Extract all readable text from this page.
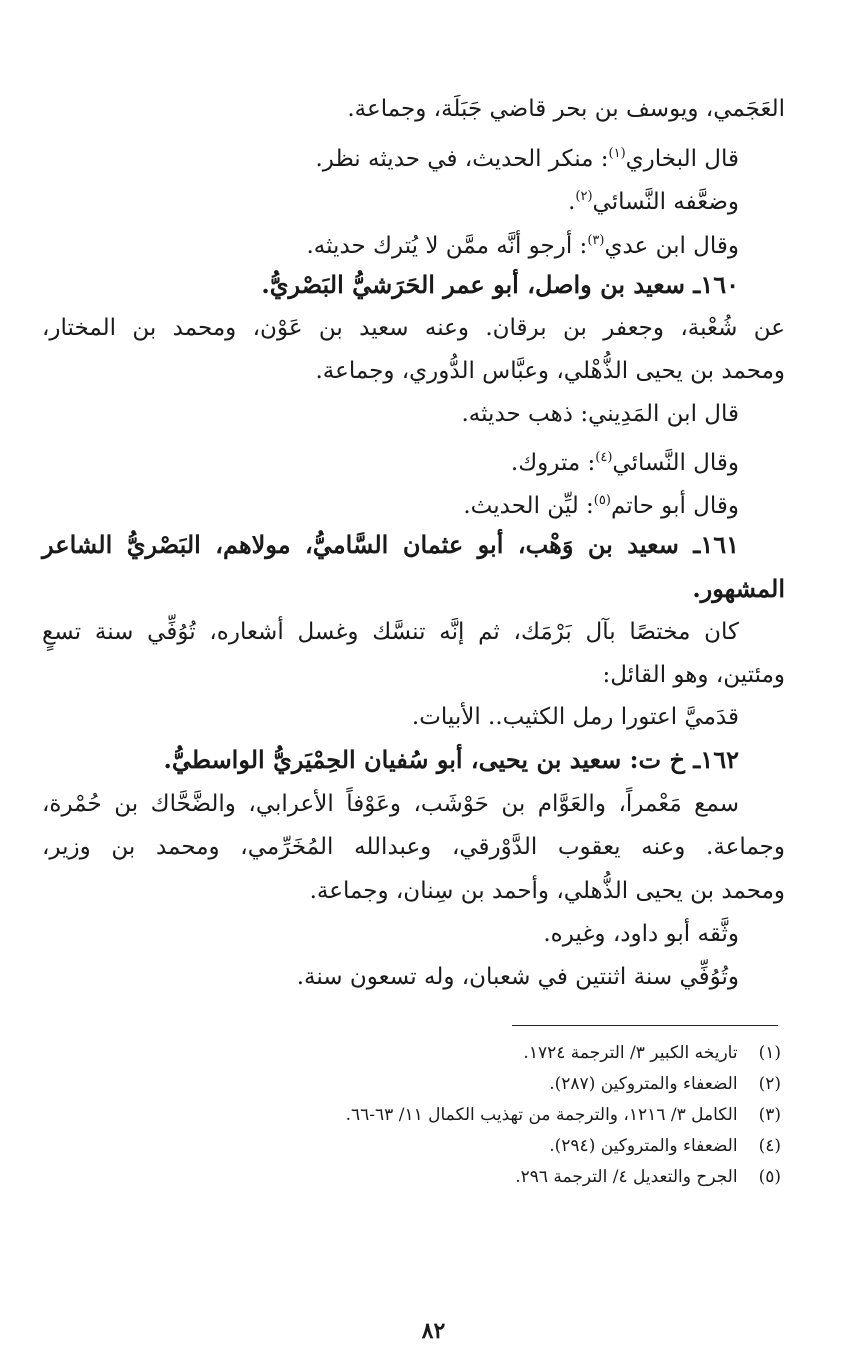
العَجَمي، ويوسف بن بحر قاضي جَبَلَة، وجماعة.
قال البخاري$^{(١)}$: منكر الحديث، في حديثه نظر.
وضعَّفه النَّسائي$^{(٢)}$.
وقال ابن عدي$^{(٣)}$: أرجو أنَّه ممَّن لا يُترك حديثه.
١٦٠ـ سعيد بن واصل، أبو عمر الحَرَشيُّ البَصْريُّ.
عن شُعْبة، وجعفر بن برقان. وعنه سعيد بن عَوْن، ومحمد بن المختار،
ومحمد بن يحيى الذُّهْلي، وعبَّاس الدُّوري، وجماعة.
قال ابن المَدِيني: ذهب حديثه.
وقال النَّسائي$^{(٤)}$: متروك.
وقال أبو حاتم$^{(٥)}$: ليِّن الحديث.
١٦١ـ سعيد بن وَهْب، أبو عثمان السَّاميُّ، مولاهم، البَصْريُّ الشاعر
المشهور.
كان مختصًا بآل بَرْمَك، ثم إنَّه تنسَّك وغسل أشعاره، تُوُفِّي سنة تسعٍ
ومئتين، وهو القائل:
قدَميَّ اعتورا رمل الكثيب.. الأبيات.
١٦٢ـ خ ت: سعيد بن يحيى، أبو سُفيان الحِمْيَريُّ الواسطيُّ.
سمع مَعْمراً، والعَوَّام بن حَوْشَب، وعَوْفاً الأعرابي، والضَّحَّاك بن حُمْرة،
وجماعة. وعنه يعقوب الدَّوْرقي، وعبدالله المُخَرِّمي، ومحمد بن وزير،
ومحمد بن يحيى الذُّهلي، وأحمد بن سِنان، وجماعة.
وثَّقه أبو داود، وغيره.
وتُوُفِّي سنة اثنتين في شعبان، وله تسعون سنة.
(١) تاريخه الكبير ٣/ الترجمة ١٧٢٤.
(٢) الضعفاء والمتروكين (٢٨٧).
(٣) الكامل ٣/ ١٢١٦، والترجمة من تهذيب الكمال ١١/ ٦٣-٦٦.
(٤) الضعفاء والمتروكين (٢٩٤).
(٥) الجرح والتعديل ٤/ الترجمة ٢٩٦.
٨٢
